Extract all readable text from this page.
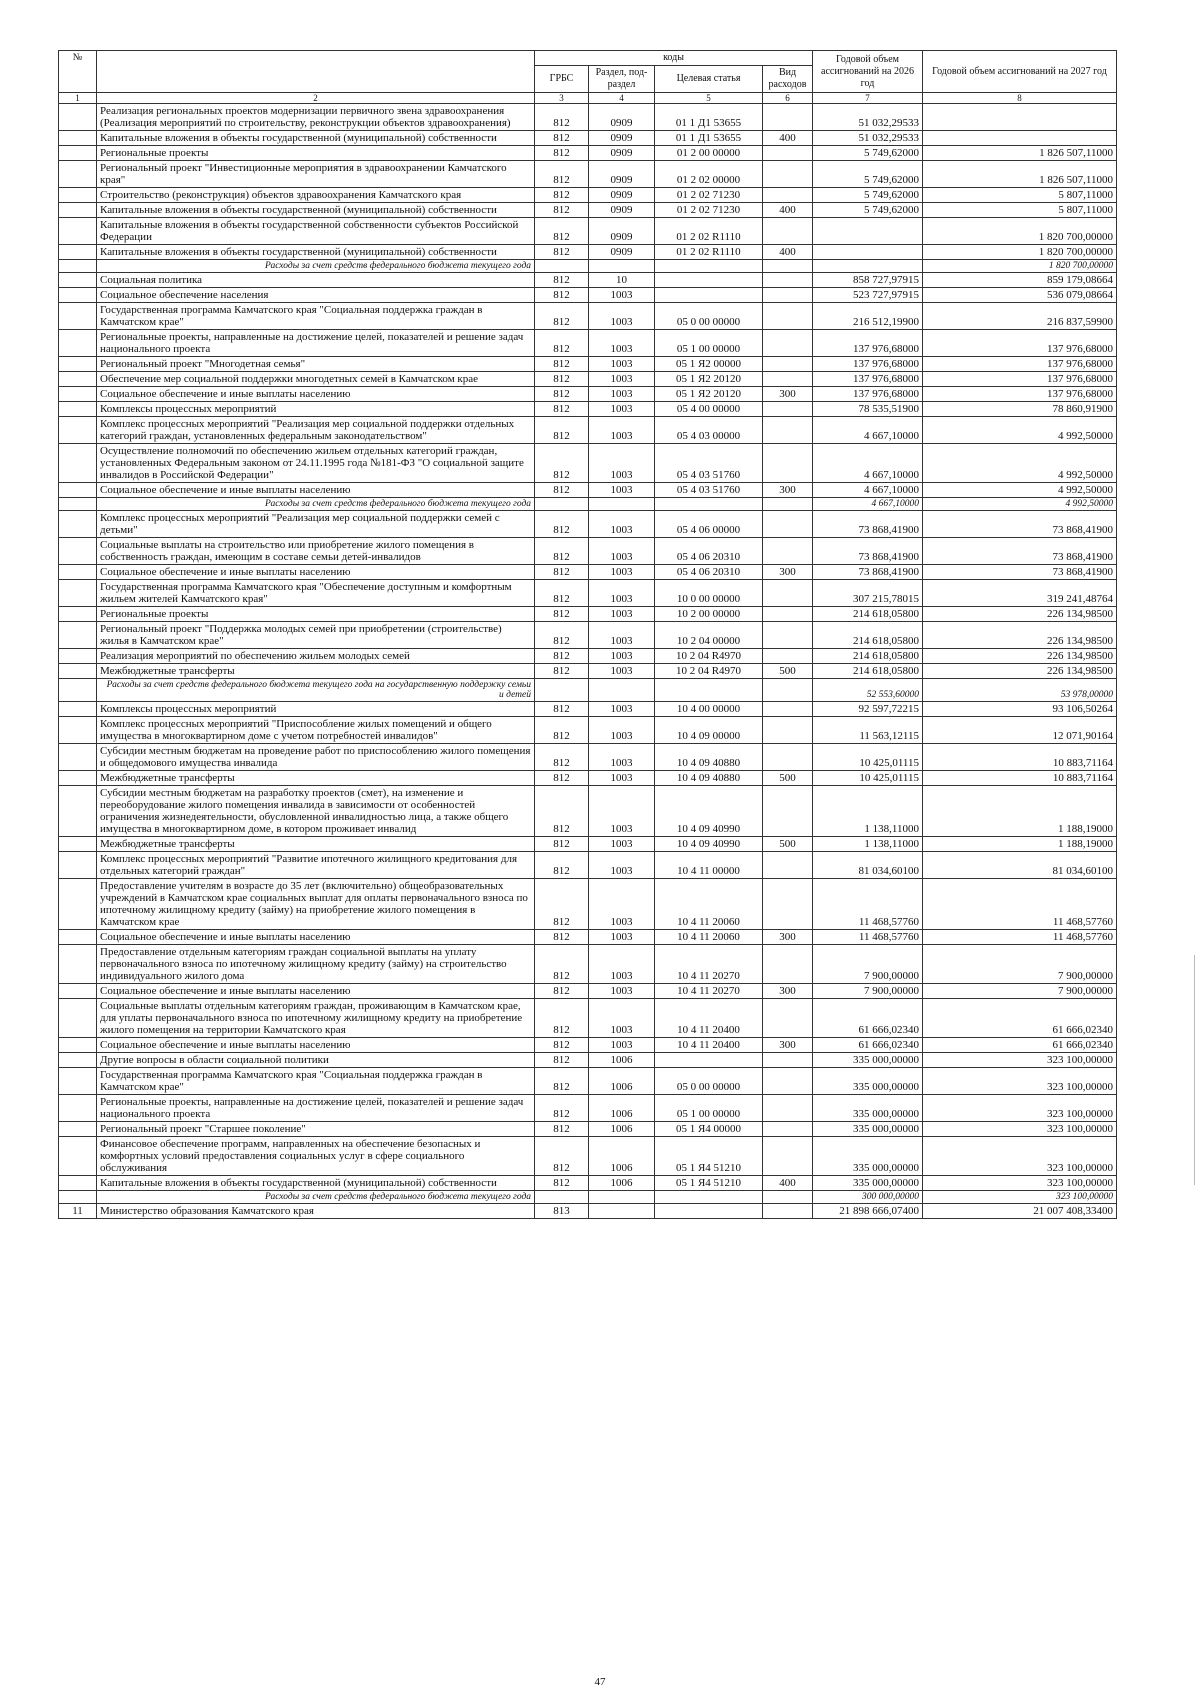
№		коды				Годовой объем ассигнований на 2026 год	Годовой объем ассигнований на 2027 год
		ГРБС	Раздел, под-раздел	Целевая статья	Вид расходов		
1	2	3	4	5	6	7	8
	Реализация региональных проектов модернизации первичного звена здравоохранения (Реализация мероприятий по строительству, реконструкции объектов здравоохранения)	812	0909	01 1 Д1 53655		51 032,29533	
	Капитальные вложения в объекты государственной (муниципальной) собственности	812	0909	01 1 Д1 53655	400	51 032,29533	
	Региональные проекты	812	0909	01 2 00 00000		5 749,62000	1 826 507,11000
	Региональный проект "Инвестиционные мероприятия в здравоохранении Камчатского края"	812	0909	01 2 02 00000		5 749,62000	1 826 507,11000
	Строительство (реконструкция) объектов здравоохранения Камчатского края	812	0909	01 2 02 71230		5 749,62000	5 807,11000
	Капитальные вложения в объекты государственной (муниципальной) собственности	812	0909	01 2 02 71230	400	5 749,62000	5 807,11000
	Капитальные вложения в объекты государственной собственности субъектов Российской Федерации	812	0909	01 2 02 R1110			1 820 700,00000
	Капитальные вложения в объекты государственной (муниципальной) собственности	812	0909	01 2 02 R1110	400		1 820 700,00000
	Расходы за счет средств федерального бюджета текущего года						1 820 700,00000
	Социальная политика	812	10			858 727,97915	859 179,08664
	Социальное обеспечение населения	812	1003			523 727,97915	536 079,08664
	Государственная программа Камчатского края "Социальная поддержка граждан в Камчатском крае"	812	1003	05 0 00 00000		216 512,19900	216 837,59900
	Региональные проекты, направленные на достижение целей, показателей и решение задач национального проекта	812	1003	05 1 00 00000		137 976,68000	137 976,68000
	Региональный проект "Многодетная семья"	812	1003	05 1 Я2 00000		137 976,68000	137 976,68000
	Обеспечение мер социальной поддержки многодетных семей в Камчатском крае	812	1003	05 1 Я2 20120		137 976,68000	137 976,68000
	Социальное обеспечение и иные выплаты населению	812	1003	05 1 Я2 20120	300	137 976,68000	137 976,68000
	Комплексы процессных мероприятий	812	1003	05 4 00 00000		78 535,51900	78 860,91900
	Комплекс процессных мероприятий "Реализация мер социальной поддержки отдельных категорий граждан, установленных федеральным законодательством"	812	1003	05 4 03 00000		4 667,10000	4 992,50000
	Осуществление полномочий по обеспечению жильем отдельных категорий граждан, установленных Федеральным законом от 24.11.1995 года №181-ФЗ "О социальной защите инвалидов в Российской Федерации"	812	1003	05 4 03 51760		4 667,10000	4 992,50000
	Социальное обеспечение и иные выплаты населению	812	1003	05 4 03 51760	300	4 667,10000	4 992,50000
	Расходы за счет средств федерального бюджета текущего года					4 667,10000	4 992,50000
	Комплекс процессных мероприятий "Реализация мер социальной поддержки семей с детьми"	812	1003	05 4 06 00000		73 868,41900	73 868,41900
	Социальные выплаты на строительство или приобретение жилого помещения в собственность граждан, имеющим в составе семьи детей-инвалидов	812	1003	05 4 06 20310		73 868,41900	73 868,41900
	Социальное обеспечение и иные выплаты населению	812	1003	05 4 06 20310	300	73 868,41900	73 868,41900
	Государственная программа Камчатского края "Обеспечение доступным и комфортным жильем жителей Камчатского края"	812	1003	10 0 00 00000		307 215,78015	319 241,48764
	Региональные проекты	812	1003	10 2 00 00000		214 618,05800	226 134,98500
	Региональный проект "Поддержка молодых семей при приобретении (строительстве) жилья в Камчатском крае"	812	1003	10 2 04 00000		214 618,05800	226 134,98500
	Реализация мероприятий по обеспечению жильем молодых семей	812	1003	10 2 04 R4970		214 618,05800	226 134,98500
	Межбюджетные трансферты	812	1003	10 2 04 R4970	500	214 618,05800	226 134,98500
	Расходы за счет средств федерального бюджета текущего года на государственную поддержку семьи и детей					52 553,60000	53 978,00000
	Комплексы процессных мероприятий	812	1003	10 4 00 00000		92 597,72215	93 106,50264
	Комплекс процессных мероприятий "Приспособление жилых помещений и общего имущества в многоквартирном доме с учетом потребностей инвалидов"	812	1003	10 4 09 00000		11 563,12115	12 071,90164
	Субсидии местным бюджетам на проведение работ по приспособлению жилого помещения и общедомового имущества инвалида	812	1003	10 4 09 40880		10 425,01115	10 883,71164
	Межбюджетные трансферты	812	1003	10 4 09 40880	500	10 425,01115	10 883,71164
	Субсидии местным бюджетам на разработку проектов (смет), на изменение и переоборудование жилого помещения инвалида в зависимости от особенностей ограничения жизнедеятельности, обусловленной инвалидностью лица, а также общего имущества в многоквартирном доме, в котором проживает инвалид	812	1003	10 4 09 40990		1 138,11000	1 188,19000
	Межбюджетные трансферты	812	1003	10 4 09 40990	500	1 138,11000	1 188,19000
	Комплекс процессных мероприятий "Развитие ипотечного жилищного кредитования для отдельных категорий граждан"	812	1003	10 4 11 00000		81 034,60100	81 034,60100
	Предоставление учителям в возрасте до 35 лет (включительно) общеобразовательных учреждений в Камчатском крае социальных выплат для оплаты первоначального взноса по ипотечному жилищному кредиту (займу) на приобретение жилого помещения в Камчатском крае	812	1003	10 4 11 20060		11 468,57760	11 468,57760
	Социальное обеспечение и иные выплаты населению	812	1003	10 4 11 20060	300	11 468,57760	11 468,57760
	Предоставление отдельным категориям граждан социальной выплаты на уплату первоначального взноса по ипотечному жилищному кредиту (займу) на строительство индивидуального жилого дома	812	1003	10 4 11 20270		7 900,00000	7 900,00000
	Социальное обеспечение и иные выплаты населению	812	1003	10 4 11 20270	300	7 900,00000	7 900,00000
	Социальные выплаты отдельным категориям граждан, проживающим в Камчатском крае, для уплаты первоначального взноса по ипотечному жилищному кредиту на приобретение жилого помещения на территории Камчатского края	812	1003	10 4 11 20400		61 666,02340	61 666,02340
	Социальное обеспечение и иные выплаты населению	812	1003	10 4 11 20400	300	61 666,02340	61 666,02340
	Другие вопросы в области социальной политики	812	1006			335 000,00000	323 100,00000
	Государственная программа Камчатского края "Социальная поддержка граждан в Камчатском крае"	812	1006	05 0 00 00000		335 000,00000	323 100,00000
	Региональные проекты, направленные на достижение целей, показателей и решение задач национального проекта	812	1006	05 1 00 00000		335 000,00000	323 100,00000
	Региональный проект "Старшее поколение"	812	1006	05 1 Я4 00000		335 000,00000	323 100,00000
	Финансовое обеспечение программ, направленных на обеспечение безопасных и комфортных условий предоставления социальных услуг в сфере социального обслуживания	812	1006	05 1 Я4 51210		335 000,00000	323 100,00000
	Капитальные вложения в объекты государственной (муниципальной) собственности	812	1006	05 1 Я4 51210	400	335 000,00000	323 100,00000
	Расходы за счет средств федерального бюджета текущего года					300 000,00000	323 100,00000
11	Министерство образования Камчатского края	813				21 898 666,07400	21 007 408,33400
47
